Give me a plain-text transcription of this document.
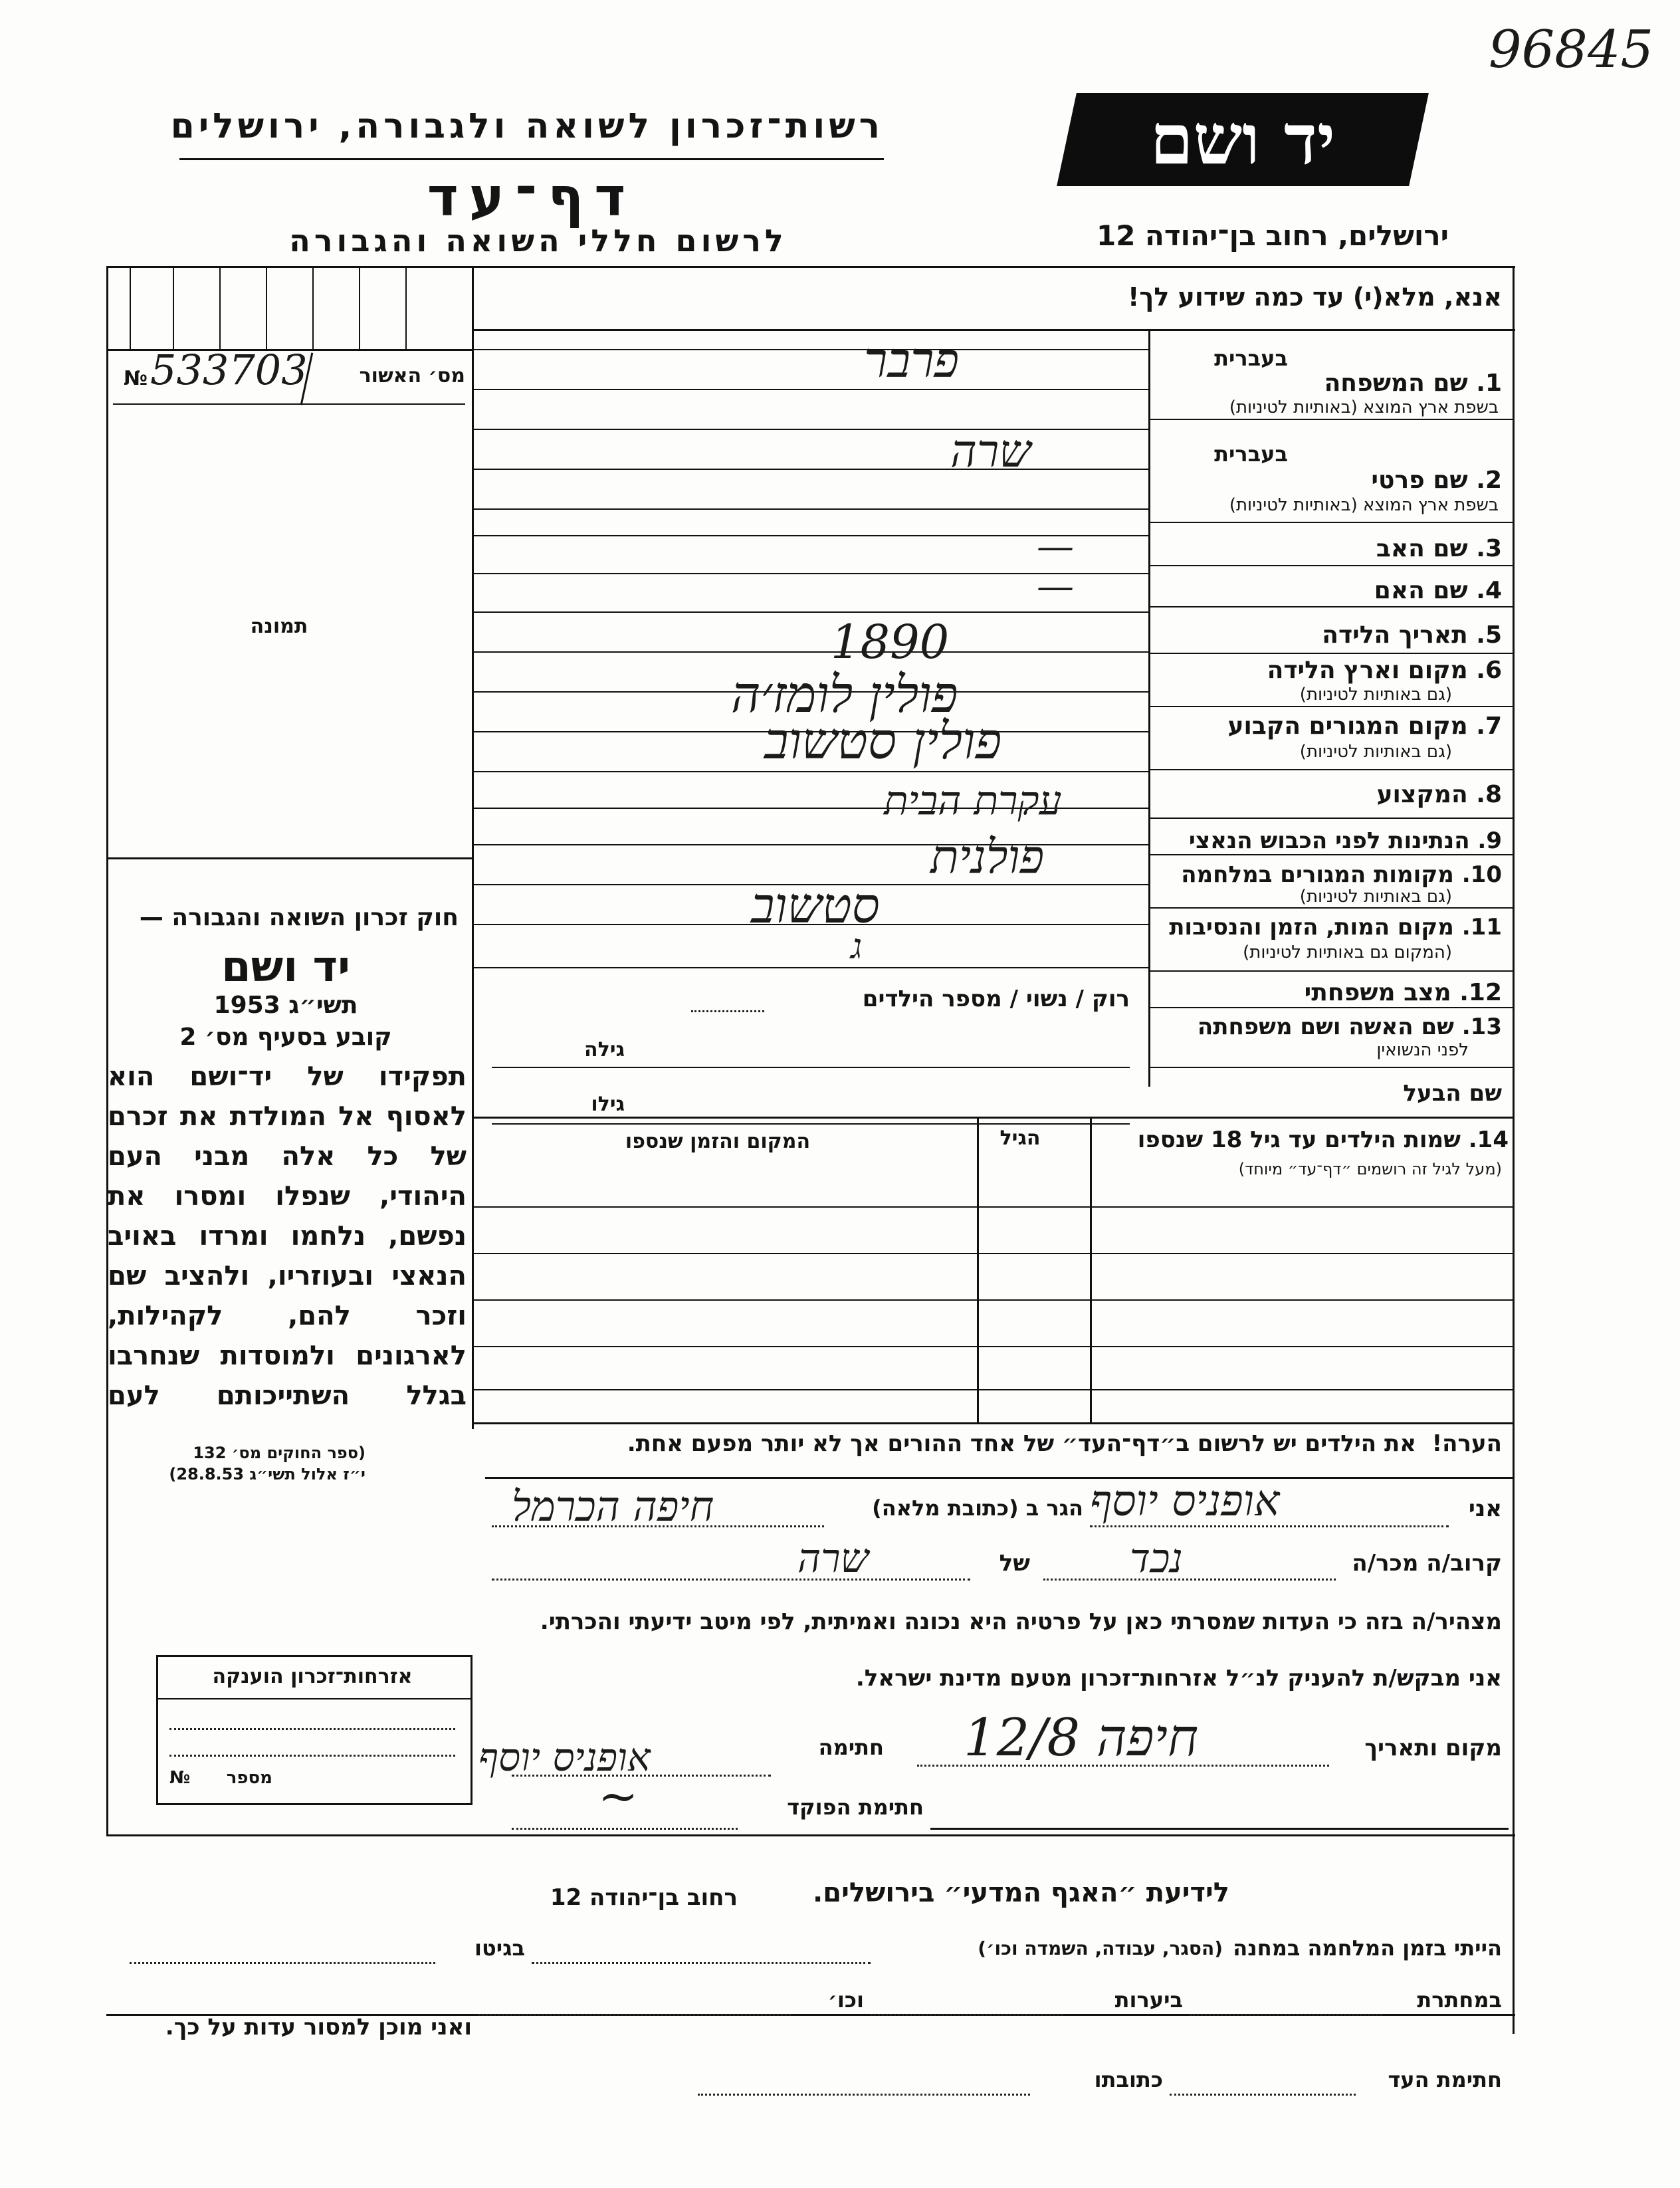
96845
רשות־זכרון לשואה ולגבורה, ירושלים
דף־עד
לרשום חללי השואה והגבורה
יד ושם
ירושלים, רחוב בן־יהודה 12
אנא, מלא(י) עד כמה שידוע לך!
מס׳ האשור
№ 533703
תמונה
חוק זכרון השואה והגבורה —
יד ושם
תשי״ג 1953
קובע בסעיף מס׳ 2
תפקידו של יד־ושם הוא לאסוף אל המולדת את זכרם של כל אלה מבני העם היהודי, שנפלו ומסרו את נפשם, נלחמו ומרדו באויב הנאצי ובעוזריו, ולהציב שם וזכר להם, לקהילות, לארגונים ולמוסדות שנחרבו בגלל השתייכותם לעם
(ספר החוקים מס׳ 132
י״ז אלול תשי״ג 28.8.53)
בעברית
1. שם המשפחה
בשפת ארץ המוצא (באותיות לטיניות)
פרבר
בעברית
2. שם פרטי
בשפת ארץ המוצא (באותיות לטיניות)
שרה
3. שם האב
—
4. שם האם
—
5. תאריך הלידה
1890
6. מקום וארץ הלידה
(גם באותיות לטיניות)
פולין לומז׳ה
7. מקום המגורים הקבוע
(גם באותיות לטיניות)
פולין סטשוב
8. המקצוע
עקרת הבית
9. הנתינות לפני הכבוש הנאצי
פולנית	10. מקומות המגורים במלחמה
(גם באותיות לטיניות)
סטשוב	11. מקום המות, הזמן והנסיבות
(המקום גם באותיות לטיניות)
ג
12. מצב משפחתי
רוק / נשוי / מספר הילדים
13. שם האשה ושם משפחתה
לפני הנשואין
גילה
שם הבעל
גילו
14. שמות הילדים עד גיל 18 שנספו
(מעל לגיל זה רושמים ״דף־עד״ מיוחד)
הגיל
המקום והזמן שנספו
הערה!  את הילדים יש לרשום ב״דף־העד״ של אחד ההורים אך לא יותר מפעם אחת.
אני
אופניס יוסף
הגר ב (כתובת מלאה)
חיפה הכרמל
קרוב/ה מכר/ה
נכד
של
שרה
מצהיר/ה בזה כי העדות שמסרתי כאן על פרטיה היא נכונה ואמיתית, לפי מיטב ידיעתי והכרתי.
אני מבקש/ת להעניק לנ״ל אזרחות־זכרון מטעם מדינת ישראל.
מקום ותאריך
חיפה 12/8
חתימה
אופניס יוסף
חתימת הפוקד
~
אזרחות־זכרון הוענקה
מספר
№
לידיעת ״האגף המדעי״ בירושלים.
רחוב בן־יהודה 12
הייתי בזמן המלחמה במחנה
(הסגר, עבודה, השמדה וכו׳)
בגיטו
במחתרת
ביערות
וכו׳
ואני מוכן למסור עדות על כך.
חתימת העד
כתובתו
